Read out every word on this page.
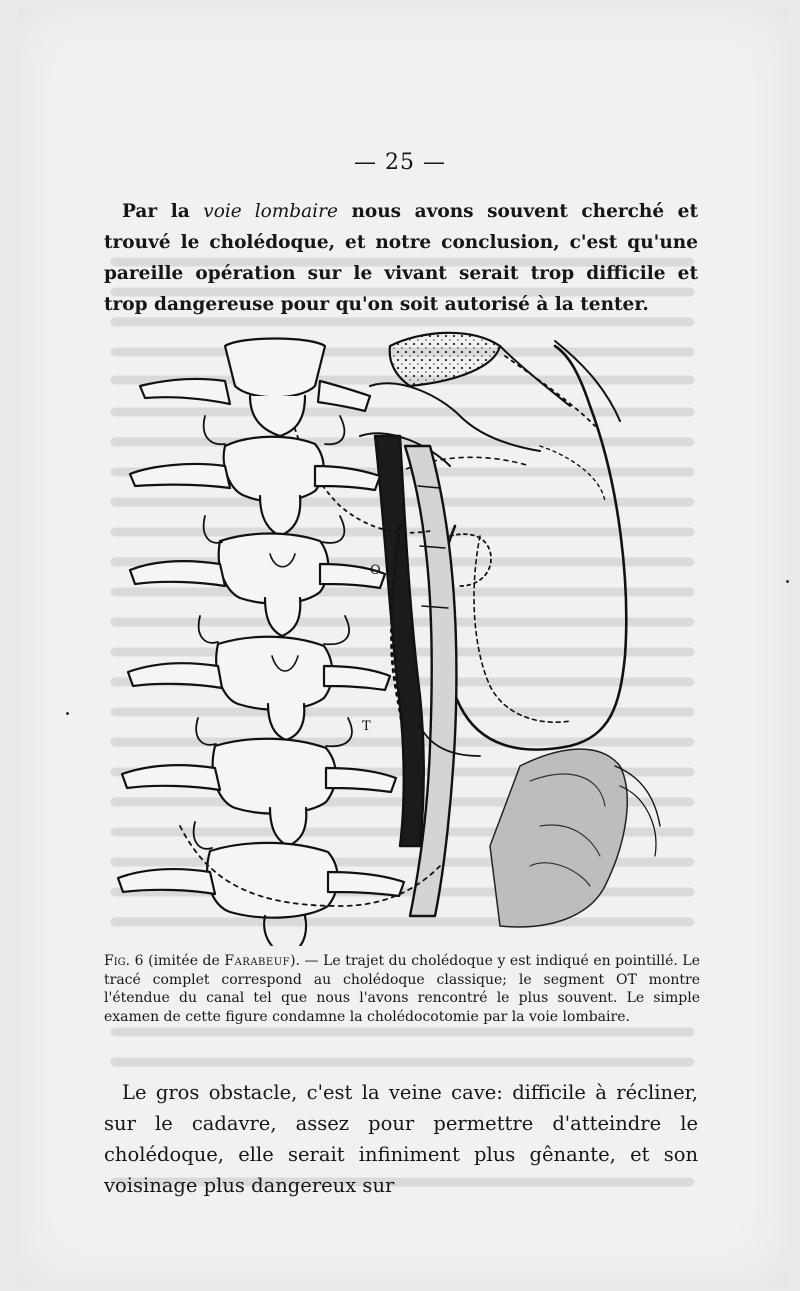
— 25 —
Par la voie lombaire nous avons souvent cherché et trouvé le cholédoque, et notre conclusion, c'est qu'une pareille opération sur le vivant serait trop difficile et trop dangereuse pour qu'on soit autorisé à la tenter.
O
T
Fig. 6 (imitée de Farabeuf). — Le trajet du cholédoque y est indiqué en pointillé. Le tracé complet correspond au cholédoque classique; le segment OT montre l'étendue du canal tel que nous l'avons rencontré le plus souvent. Le simple examen de cette figure condamne la cholédocotomie par la voie lombaire.
Le gros obstacle, c'est la veine cave: difficile à récliner, sur le cadavre, assez pour permettre d'atteindre le cholédoque, elle serait infiniment plus gênante, et son voisinage plus dangereux sur
